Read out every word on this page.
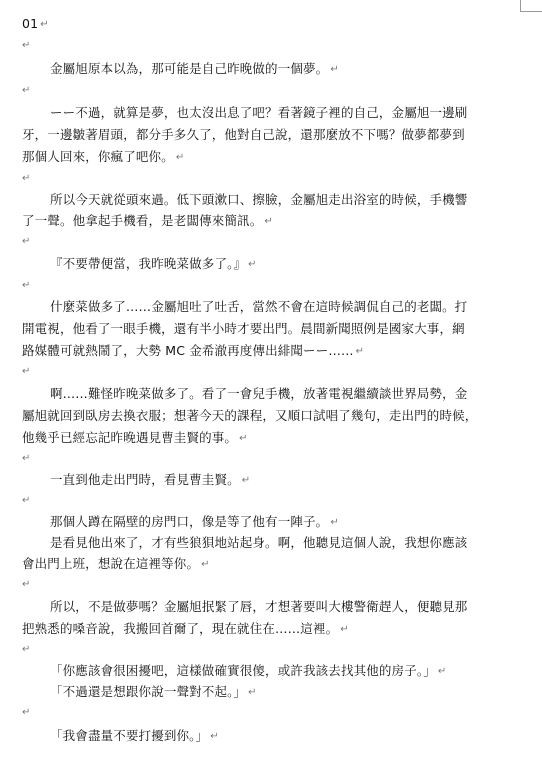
01 ↵
↵
金屬旭原本以為，那可能是自己昨晚做的一個夢。 ↵
↵
ーー不過，就算是夢，也太沒出息了吧？看著鏡子裡的自己，金屬旭一邊刷
牙，一邊皺著眉頭，都分手多久了，他對自己說，還那麼放不下嗎？做夢都夢到
那個人回來，你瘋了吧你。 ↵
↵
所以今天就從頭來過。低下頭漱口、擦臉，金屬旭走出浴室的時候，手機響
了一聲。他拿起手機看，是老闆傳來簡訊。 ↵
↵
『不要帶便當，我昨晚菜做多了。』 ↵
↵
什麼菜做多了……金屬旭吐了吐舌，當然不會在這時候調侃自己的老闆。打
開電視，他看了一眼手機，還有半小時才要出門。晨間新聞照例是國家大事，網
路媒體可就熱鬧了，大勢 MC 金希澈再度傳出緋聞ーー…… ↵
↵
啊……難怪昨晚菜做多了。看了一會兒手機，放著電視繼續談世界局勢，金
屬旭就回到臥房去換衣服；想著今天的課程，又順口試唱了幾句，走出門的時候，
他幾乎已經忘記昨晚遇見曹圭賢的事。 ↵
↵
一直到他走出門時，看見曹圭賢。 ↵
↵
那個人蹲在隔壁的房門口，像是等了他有一陣子。 ↵
是看見他出來了，才有些狼狽地站起身。啊，他聽見這個人說，我想你應該
會出門上班，想說在這裡等你。 ↵
↵
所以，不是做夢嗎？金屬旭抿緊了唇，才想著要叫大樓警衛趕人，便聽見那
把熟悉的嗓音說，我搬回首爾了，現在就住在……這裡。 ↵
↵
「你應該會很困擾吧，這樣做確實很傻，或許我該去找其他的房子。」 ↵
「不過還是想跟你說一聲對不起。」 ↵
↵
「我會盡量不要打擾到你。」 ↵
